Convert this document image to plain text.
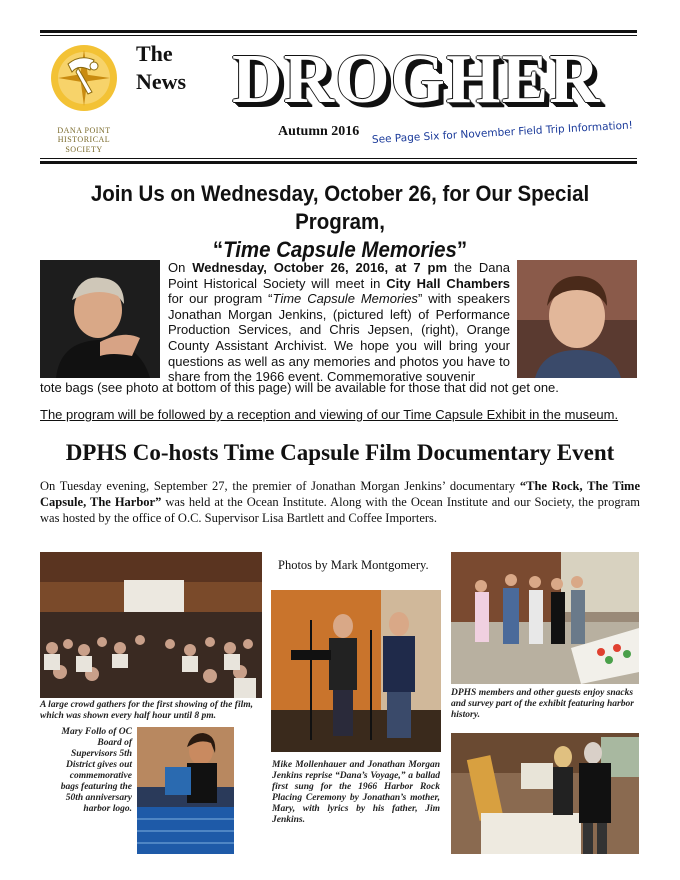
DANA POINT
HISTORICAL
SOCIETY
The
News DROGHER
Autumn 2016 See Page Six for November Field Trip Information!
Join Us on Wednesday, October 26, for Our Special Program,
“Time Capsule Memories”
On Wednesday, October 26, 2016, at 7 pm the Dana Point Historical Society will meet in City Hall Chambers for our program “Time Capsule Memories” with speakers Jonathan Morgan Jenkins, (pictured left) of Performance Production Services, and Chris Jepsen, (right), Orange County Assistant Archivist. We hope you will bring your questions as well as any memories and photos you have to share from the 1966 event. Commemorative souvenir
tote bags (see photo at bottom of this page) will be available for those that did not get one.
The program will be followed by a reception and viewing of our Time Capsule Exhibit in the museum.
DPHS Co-hosts Time Capsule Film Documentary Event
On Tuesday evening, September 27, the premier of Jonathan Morgan Jenkins’ documentary “The Rock, The Time Capsule, The Harbor” was held at the Ocean Institute. Along with the Ocean Institute and our Society, the program was hosted by the office of O.C. Supervisor Lisa Bartlett and Coffee Importers.
A large crowd gathers for the first showing of the film, which was shown every half hour until 8 pm.
Photos by Mark Montgomery.
Mike Mollenhauer and Jonathan Morgan Jenkins reprise “Dana’s Voyage,” a ballad first sung for the 1966 Harbor Rock Placing Ceremony by Jonathan’s mother, Mary, with lyrics by his father, Jim Jenkins.
DPHS members and other guests enjoy snacks and survey part of the exhibit featuring harbor history.
Mary Follo of OC Board of Supervisors 5th District gives out commemorative bags featuring the 50th anniversary harbor logo.
